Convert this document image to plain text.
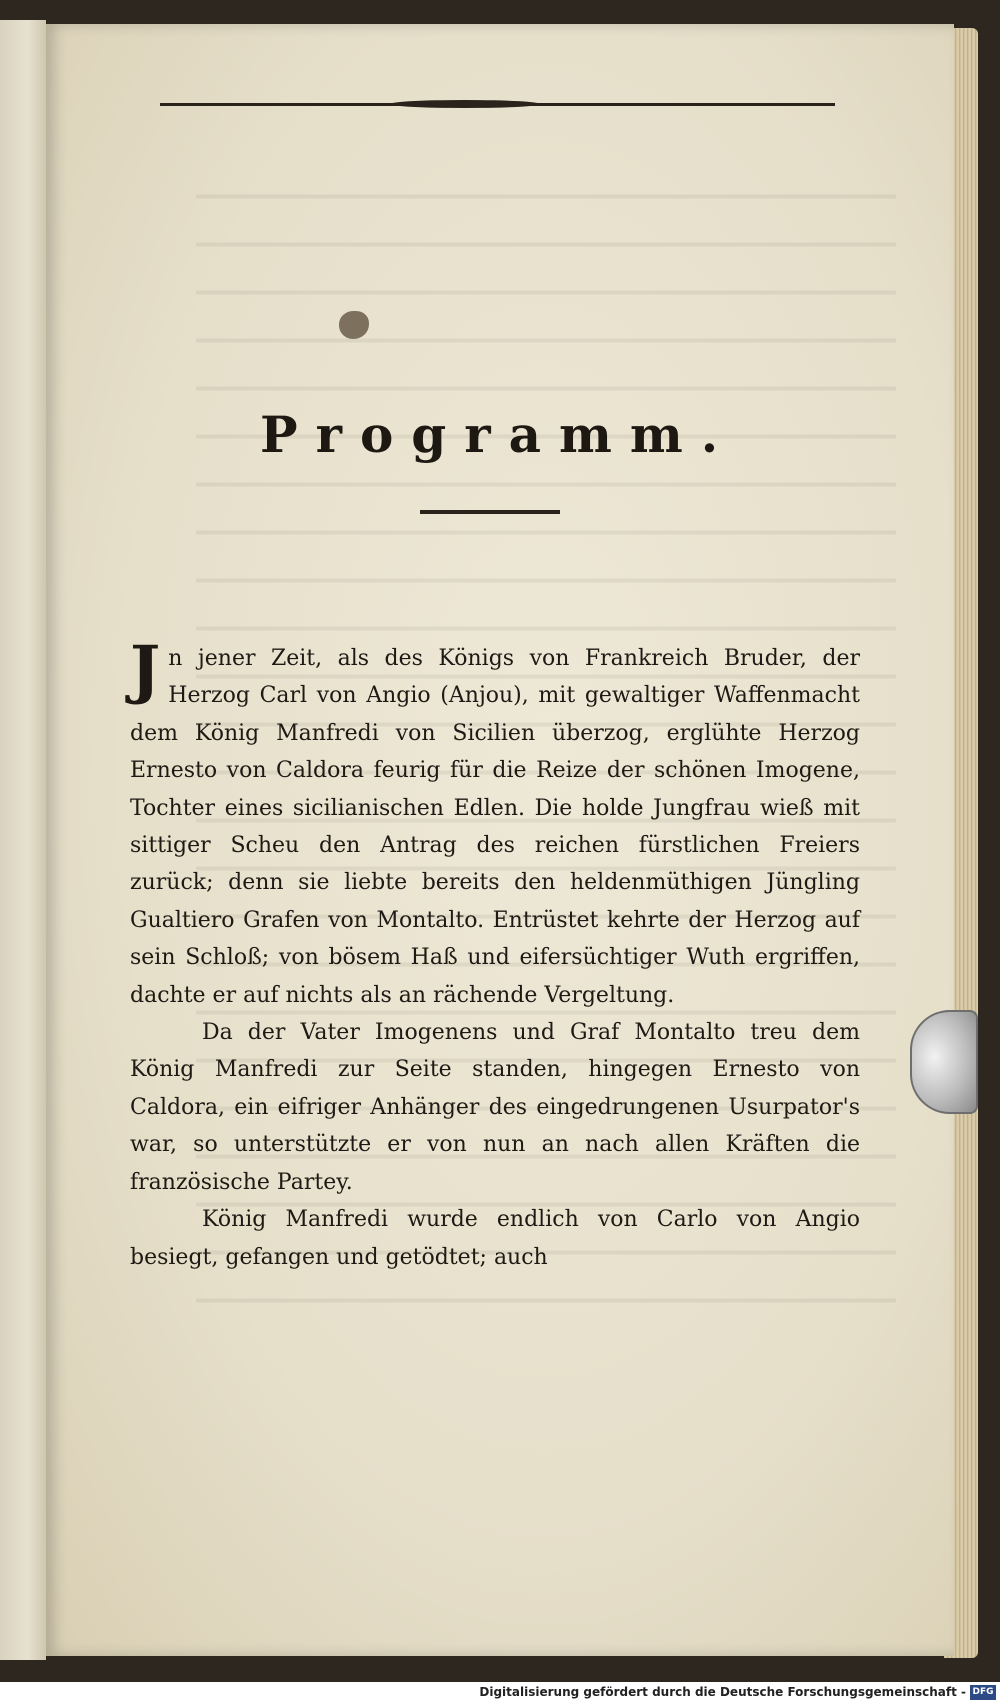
Programm.

Jn jener Zeit, als des Königs von Frankreich Bruder, der Herzog Carl von Angio (Anjou), mit gewaltiger Waffenmacht dem König Manfredi von Sicilien überzog, erglühte Herzog Ernesto von Caldora feurig für die Reize der schönen Imogene, Tochter eines sicilianischen Edlen. Die holde Jungfrau wieß mit sittiger Scheu den Antrag des reichen fürstlichen Freiers zurück; denn sie liebte bereits den heldenmüthigen Jüngling Gualtiero Grafen von Montalto. Entrüstet kehrte der Herzog auf sein Schloß; von bösem Haß und eifersüchtiger Wuth ergriffen, dachte er auf nichts als an rächende Vergeltung.

Da der Vater Imogenens und Graf Montalto treu dem König Manfredi zur Seite standen, hingegen Ernesto von Caldora, ein eifriger Anhänger des eingedrungenen Usurpator's war, so unterstützte er von nun an nach allen Kräften die französische Partey.

König Manfredi wurde endlich von Carlo von Angio besiegt, gefangen und getödtet; auch

Digitalisierung gefördert durch die Deutsche Forschungsgemeinschaft - DFG
